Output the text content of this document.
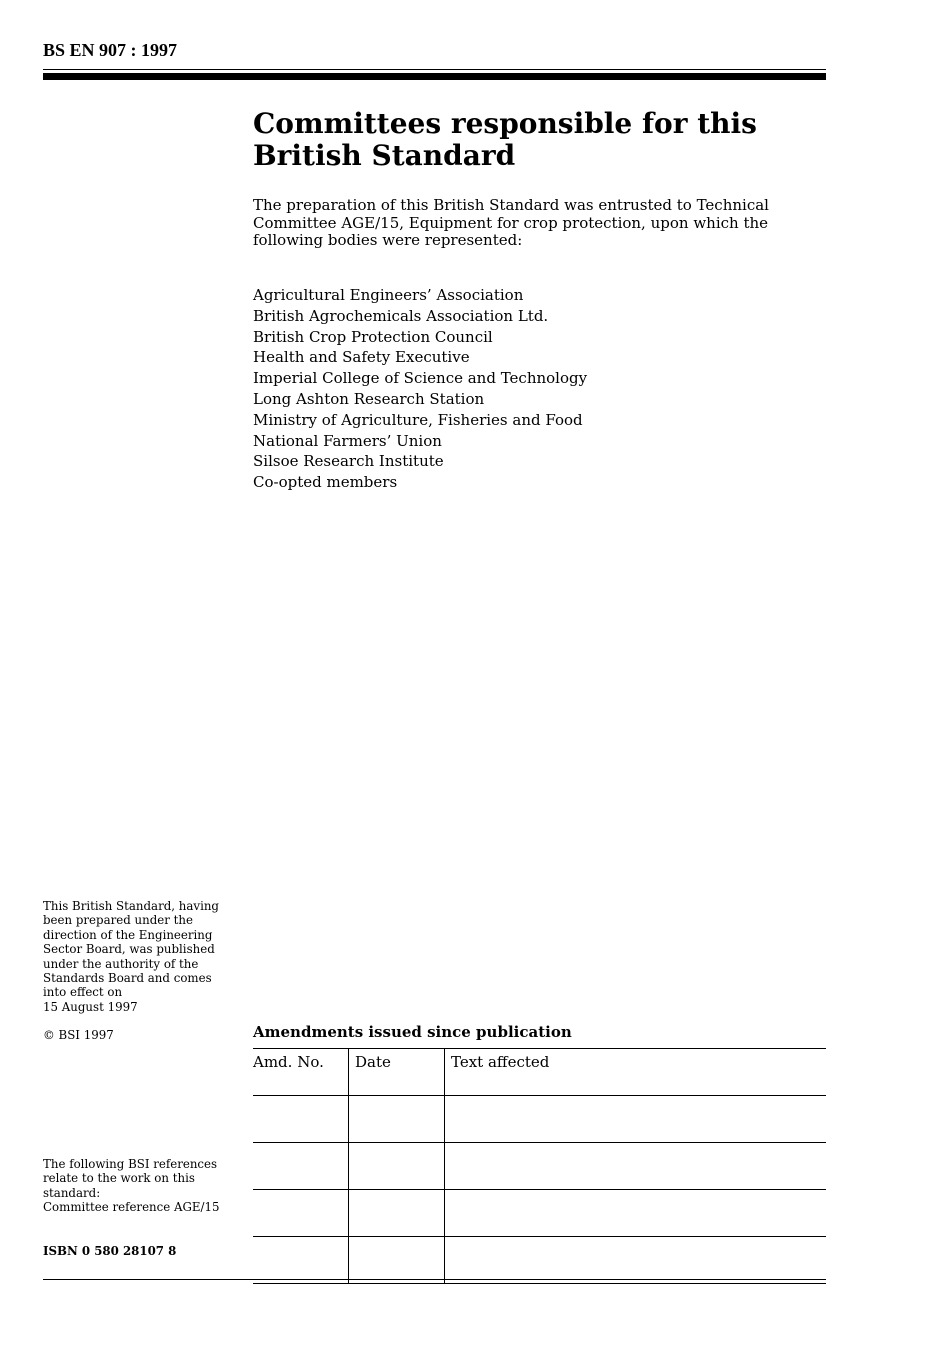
BS EN 907 : 1997
Committees responsible for this
British Standard

The preparation of this British Standard was entrusted to Technical Committee AGE/15, Equipment for crop protection, upon which the following bodies were represented:

Agricultural Engineers’ Association
British Agrochemicals Association Ltd.
British Crop Protection Council
Health and Safety Executive
Imperial College of Science and Technology
Long Ashton Research Station
Ministry of Agriculture, Fisheries and Food
National Farmers’ Union
Silsoe Research Institute
Co-opted members
This British Standard, having been prepared under the direction of the Engineering Sector Board, was published under the authority of the Standards Board and comes into effect on
15 August 1997
© BSI 1997
The following BSI references relate to the work on this standard:
Committee reference AGE/15
ISBN 0 580 28107 8
Amendments issued since publication
Amd. No.	Date	Text affected
